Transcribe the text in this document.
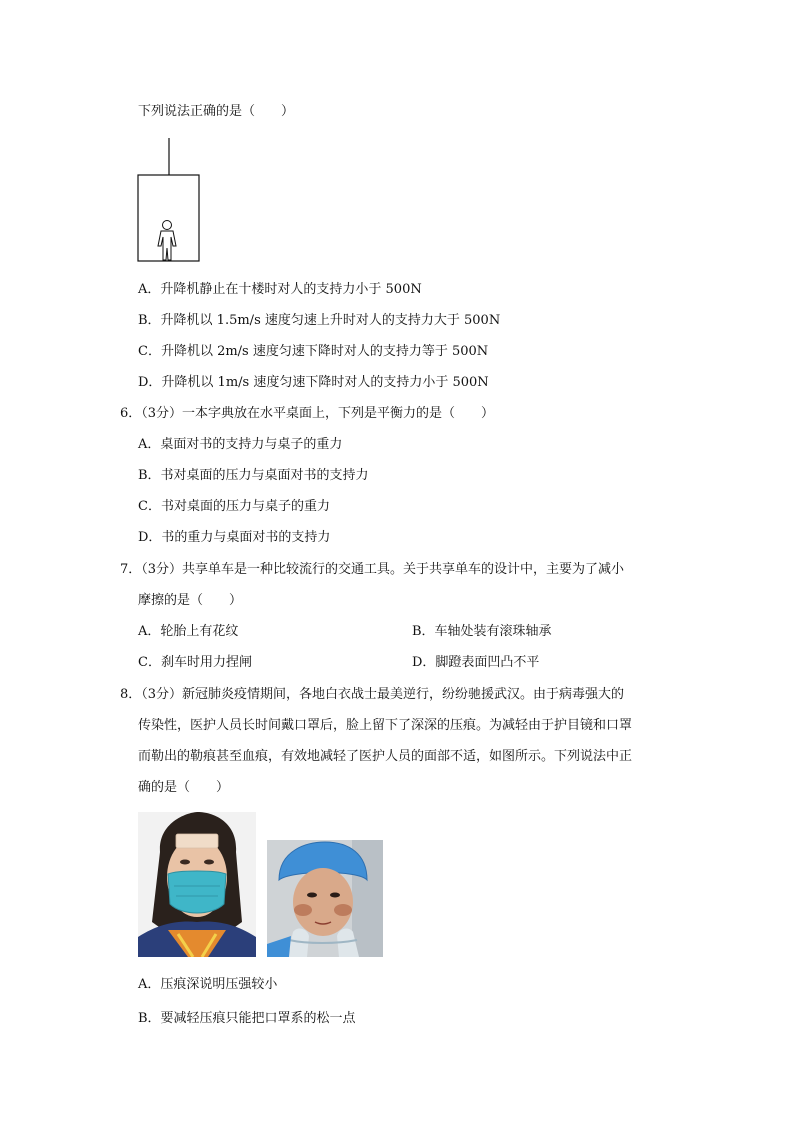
下列说法正确的是（　　）
A．升降机静止在十楼时对人的支持力小于 500N
B．升降机以 1.5m/s 速度匀速上升时对人的支持力大于 500N
C．升降机以 2m/s 速度匀速下降时对人的支持力等于 500N
D．升降机以 1m/s 速度匀速下降时对人的支持力小于 500N
6．（3分）一本字典放在水平桌面上，下列是平衡力的是（　　）
A．桌面对书的支持力与桌子的重力
B．书对桌面的压力与桌面对书的支持力
C．书对桌面的压力与桌子的重力
D．书的重力与桌面对书的支持力
7．（3分）共享单车是一种比较流行的交通工具。关于共享单车的设计中，主要为了减小
摩擦的是（　　）
A．轮胎上有花纹	B．车轴处装有滚珠轴承
C．刹车时用力捏闸	D．脚蹬表面凹凸不平
8．（3分）新冠肺炎疫情期间，各地白衣战士最美逆行，纷纷驰援武汉。由于病毒强大的
传染性，医护人员长时间戴口罩后，脸上留下了深深的压痕。为减轻由于护目镜和口罩
而勒出的勒痕甚至血痕，有效地减轻了医护人员的面部不适，如图所示。下列说法中正
确的是（　　）
A．压痕深说明压强较小
B．要减轻压痕只能把口罩系的松一点
